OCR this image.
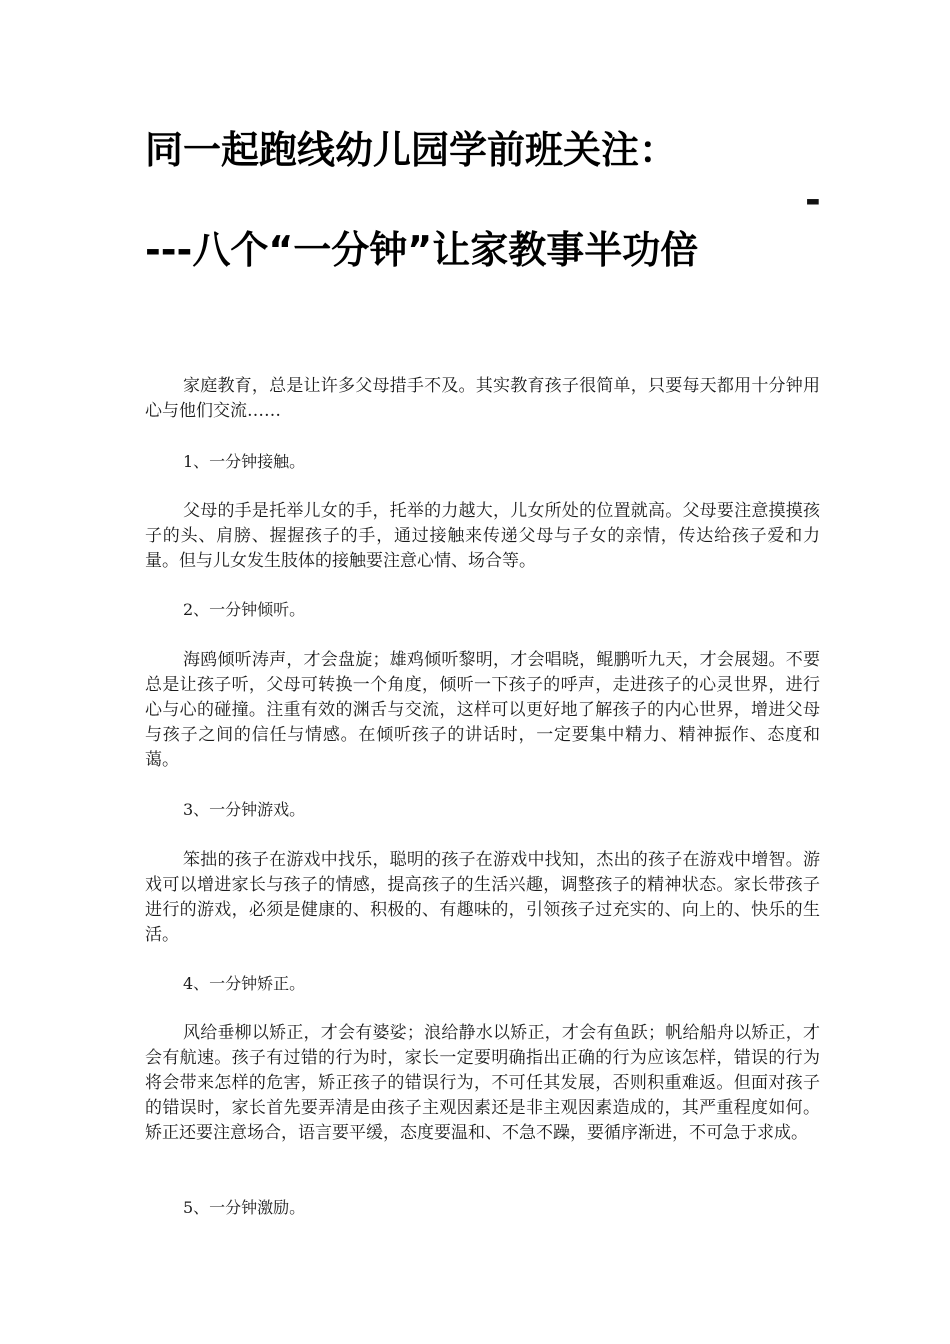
同一起跑线幼儿园学前班关注：
-
---八个“一分钟”让家教事半功倍

家庭教育，总是让许多父母措手不及。其实教育孩子很简单，只要每天都用十分钟用心与他们交流……

1、一分钟接触。

父母的手是托举儿女的手，托举的力越大，儿女所处的位置就高。父母要注意摸摸孩子的头、肩膀、握握孩子的手，通过接触来传递父母与子女的亲情，传达给孩子爱和力量。但与儿女发生肢体的接触要注意心情、场合等。

2、一分钟倾听。

海鸥倾听涛声，才会盘旋；雄鸡倾听黎明，才会唱晓，鲲鹏听九天，才会展翅。不要总是让孩子听，父母可转换一个角度，倾听一下孩子的呼声，走进孩子的心灵世界，进行心与心的碰撞。注重有效的渊舌与交流，这样可以更好地了解孩子的内心世界，增进父母与孩子之间的信任与情感。在倾听孩子的讲话时，一定要集中精力、精神振作、态度和蔼。

3、一分钟游戏。

笨拙的孩子在游戏中找乐，聪明的孩子在游戏中找知，杰出的孩子在游戏中增智。游戏可以增进家长与孩子的情感，提高孩子的生活兴趣，调整孩子的精神状态。家长带孩子进行的游戏，必须是健康的、积极的、有趣味的，引领孩子过充实的、向上的、快乐的生活。

4、一分钟矫正。

风给垂柳以矫正，才会有婆娑；浪给静水以矫正，才会有鱼跃；帆给船舟以矫正，才会有航速。孩子有过错的行为时，家长一定要明确指出正确的行为应该怎样，错误的行为将会带来怎样的危害，矫正孩子的错误行为，不可任其发展，否则积重难返。但面对孩子的错误时，家长首先要弄清是由孩子主观因素还是非主观因素造成的，其严重程度如何。矫正还要注意场合，语言要平缓，态度要温和、不急不躁，要循序渐进，不可急于求成。

5、一分钟激励。
